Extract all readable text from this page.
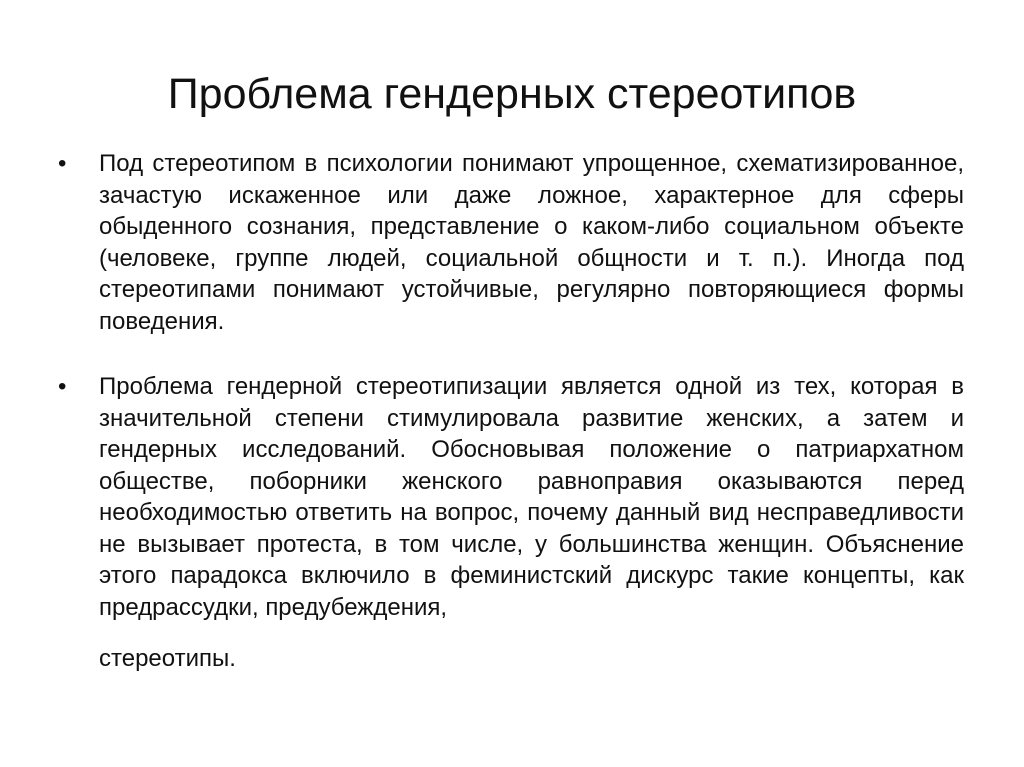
Проблема гендерных стереотипов
•	Под стереотипом в психологии понимают упрощенное, схематизированное, зачастую искаженное или даже ложное, характерное для сферы обыденного сознания, представление о каком-либо социальном объекте (человеке, группе людей, социальной общности и т. п.). Иногда под стереотипами понимают устойчивые, регулярно повторяющиеся формы поведения.
•	Проблема гендерной стереотипизации является одной из тех, которая в значительной степени стимулировала развитие женских, а затем и гендерных исследований. Обосновывая положение о патриархатном обществе, поборники женского равноправия оказываются перед необходимостью ответить на вопрос, почему данный вид несправедливости не вызывает протеста, в том числе, у большинства женщин. Объяснение этого парадокса включило в феминистский дискурс такие концепты, как предрассудки, предубеждения,
стереотипы.
